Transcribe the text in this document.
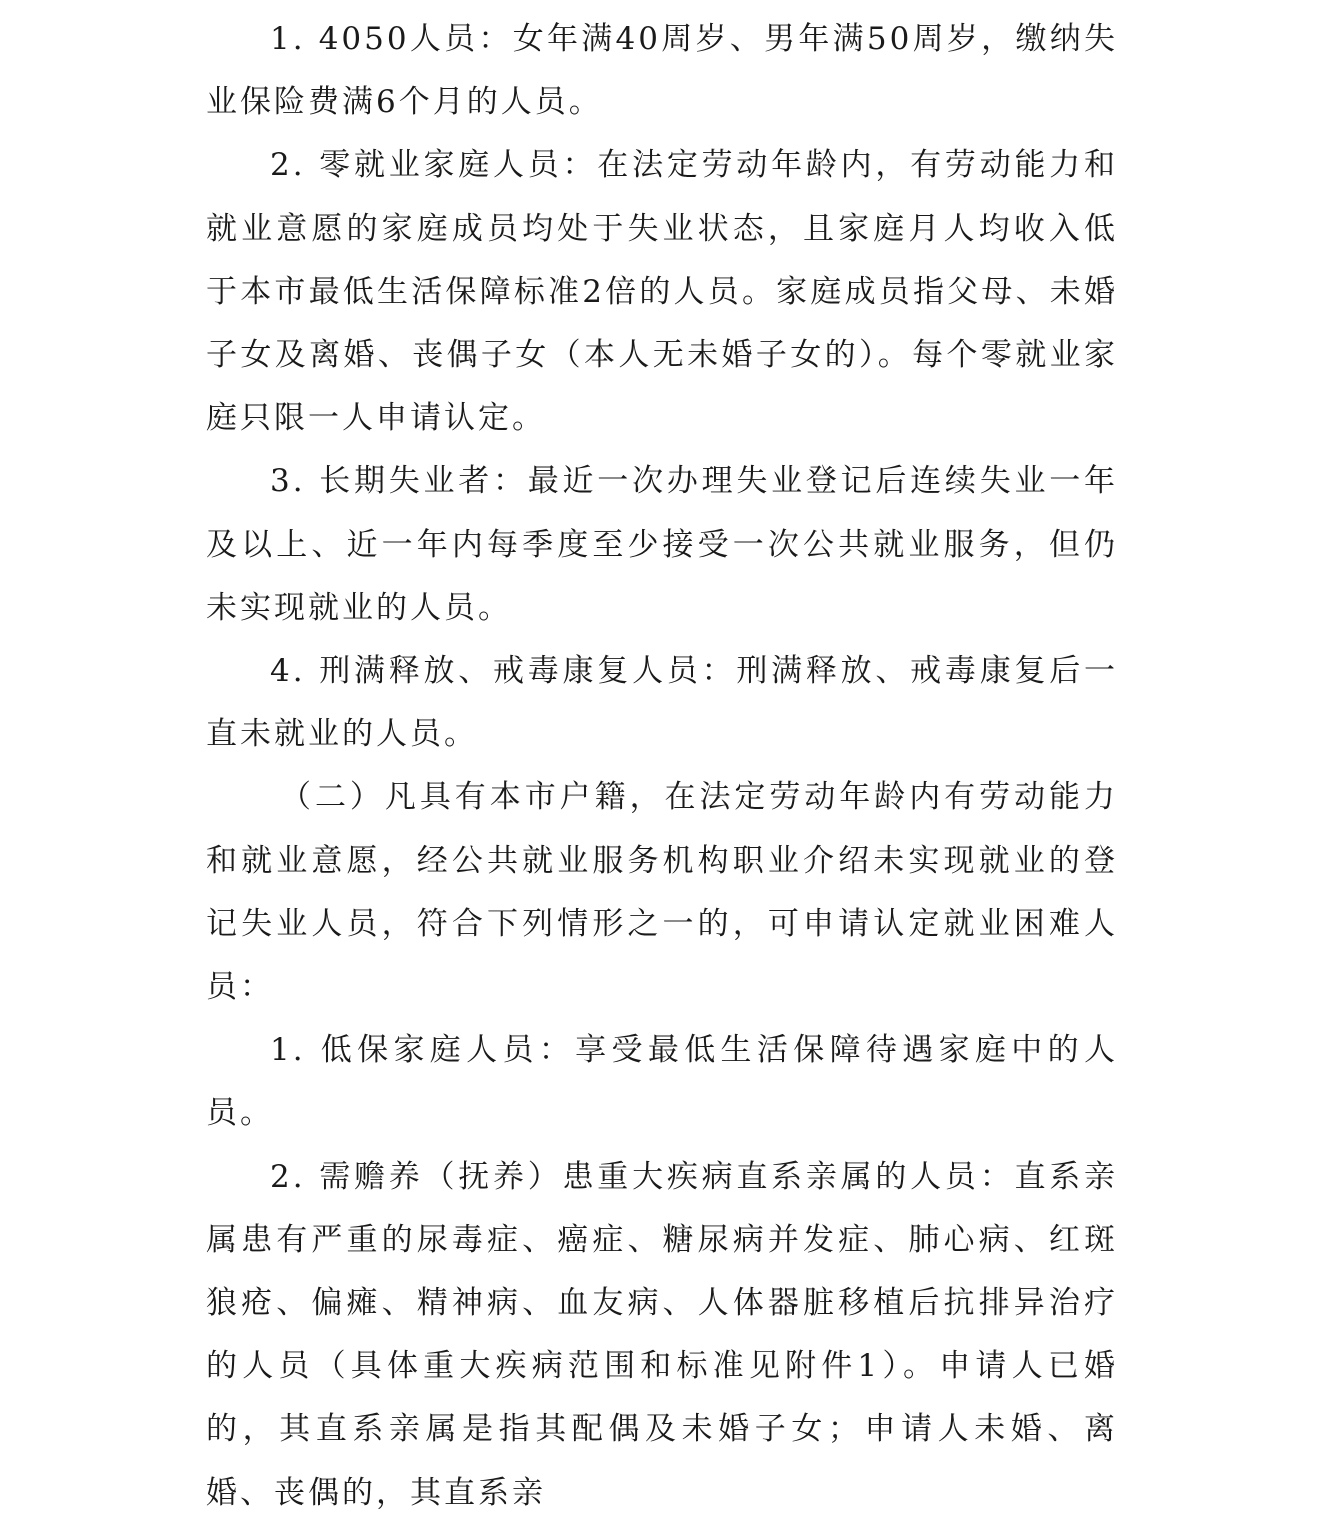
1. 4050人员：女年满40周岁、男年满50周岁，缴纳失业保险费满6个月的人员。

2. 零就业家庭人员：在法定劳动年龄内，有劳动能力和就业意愿的家庭成员均处于失业状态，且家庭月人均收入低于本市最低生活保障标准2倍的人员。家庭成员指父母、未婚子女及离婚、丧偶子女（本人无未婚子女的）。每个零就业家庭只限一人申请认定。

3. 长期失业者：最近一次办理失业登记后连续失业一年及以上、近一年内每季度至少接受一次公共就业服务，但仍未实现就业的人员。

4. 刑满释放、戒毒康复人员：刑满释放、戒毒康复后一直未就业的人员。

（二）凡具有本市户籍，在法定劳动年龄内有劳动能力和就业意愿，经公共就业服务机构职业介绍未实现就业的登记失业人员，符合下列情形之一的，可申请认定就业困难人员：

1. 低保家庭人员：享受最低生活保障待遇家庭中的人员。

2. 需赡养（抚养）患重大疾病直系亲属的人员：直系亲属患有严重的尿毒症、癌症、糖尿病并发症、肺心病、红斑狼疮、偏瘫、精神病、血友病、人体器脏移植后抗排异治疗的人员（具体重大疾病范围和标准见附件1）。申请人已婚的，其直系亲属是指其配偶及未婚子女；申请人未婚、离婚、丧偶的，其直系亲
